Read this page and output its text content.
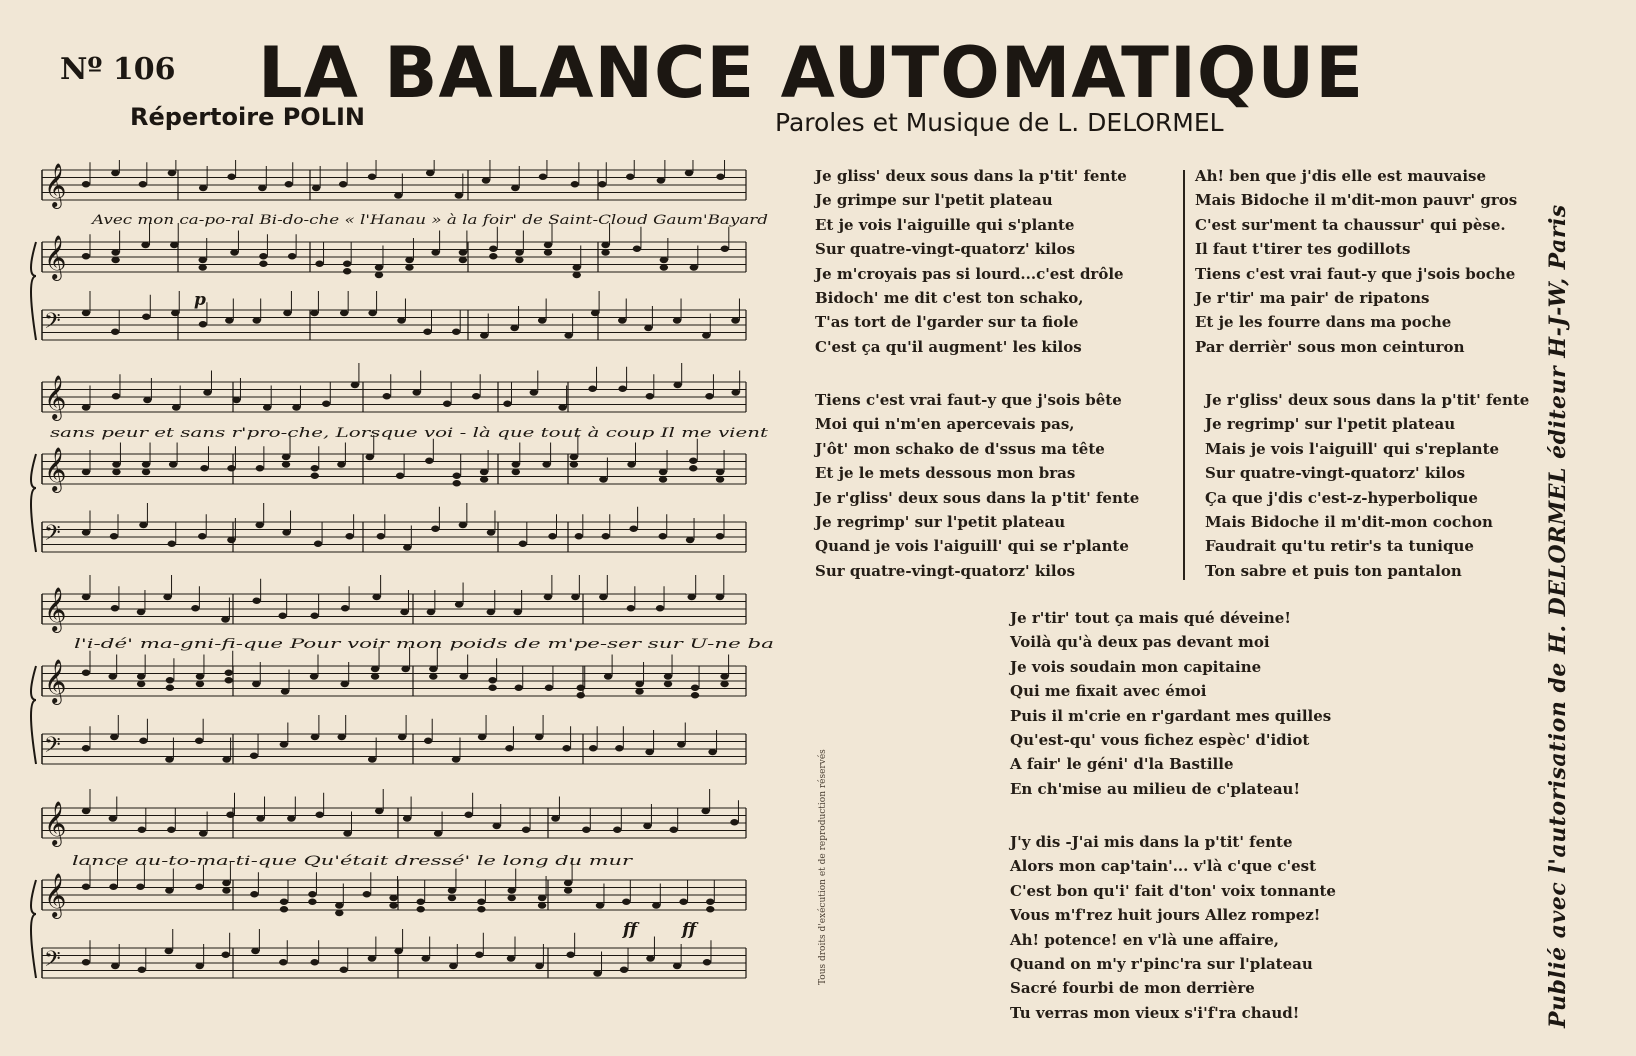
Nº 106 LA BALANCE AUTOMATIQUE
Répertoire POLIN	Paroles et Musique de L. DELORMEL
𝄞
𝄞
𝄢
𝄞
𝄞
𝄢
𝄞
𝄞
𝄢
𝄞
𝄞
𝄢
Avec mon ca-po-ral Bi-do-che « l'Hanau » à la foir' de Saint-Cloud Gaum'Bayard
sans peur et sans r'pro-che, Lorsque voi - là que tout à coup Il me vient
l'i-dé' ma-gni-fi-que Pour voir mon poids de m'pe-ser sur U-ne ba
lance au-to-ma-ti-que Qu'était dressé' le long du mur
p
ff	ff
Je gliss' deux sous dans la p'tit' fente
Je grimpe sur l'petit plateau
Et je vois l'aiguille qui s'plante
Sur quatre-vingt-quatorz' kilos
Je m'croyais pas si lourd...c'est drôle
Bidoch' me dit c'est ton schako,
T'as tort de l'garder sur ta fiole
C'est ça qu'il augment' les kilos
Tiens c'est vrai faut-y que j'sois bête
Moi qui n'm'en apercevais pas,
J'ôt' mon schako de d'ssus ma tête
Et je le mets dessous mon bras
Je r'gliss' deux sous dans la p'tit' fente
Je regrimp' sur l'petit plateau
Quand je vois l'aiguill' qui se r'plante
Sur quatre-vingt-quatorz' kilos
Ah! ben que j'dis elle est mauvaise
Mais Bidoche il m'dit-mon pauvr' gros
C'est sur'ment ta chaussur' qui pèse.
Il faut t'tirer tes godillots
Tiens c'est vrai faut-y que j'sois boche
Je r'tir' ma pair' de ripatons
Et je les fourre dans ma poche
Par derrièr' sous mon ceinturon
Je r'gliss' deux sous dans la p'tit' fente
Je regrimp' sur l'petit plateau
Mais je vois l'aiguill' qui s'replante
Sur quatre-vingt-quatorz' kilos
Ça que j'dis c'est-z-hyperbolique
Mais Bidoche il m'dit-mon cochon
Faudrait qu'tu retir's ta tunique
Ton sabre et puis ton pantalon
Je r'tir' tout ça mais qué déveine!
Voilà qu'à deux pas devant moi
Je vois soudain mon capitaine
Qui me fixait avec émoi
Puis il m'crie en r'gardant mes quilles
Qu'est-qu' vous fichez espèc' d'idiot
A fair' le géni' d'la Bastille
En ch'mise au milieu de c'plateau!
J'y dis -J'ai mis dans la p'tit' fente
Alors mon cap'tain'... v'là c'que c'est
C'est bon qu'i' fait d'ton' voix tonnante
Vous m'f'rez huit jours Allez rompez!
Ah! potence! en v'là une affaire,
Quand on m'y r'pinc'ra sur l'plateau
Sacré fourbi de mon derrière
Tu verras mon vieux s'i'f'ra chaud!	Publié avec l'autorisation de H. DELORMEL éditeur H-J-W, Paris
Tous droits d'exécution et de reproduction réservés
